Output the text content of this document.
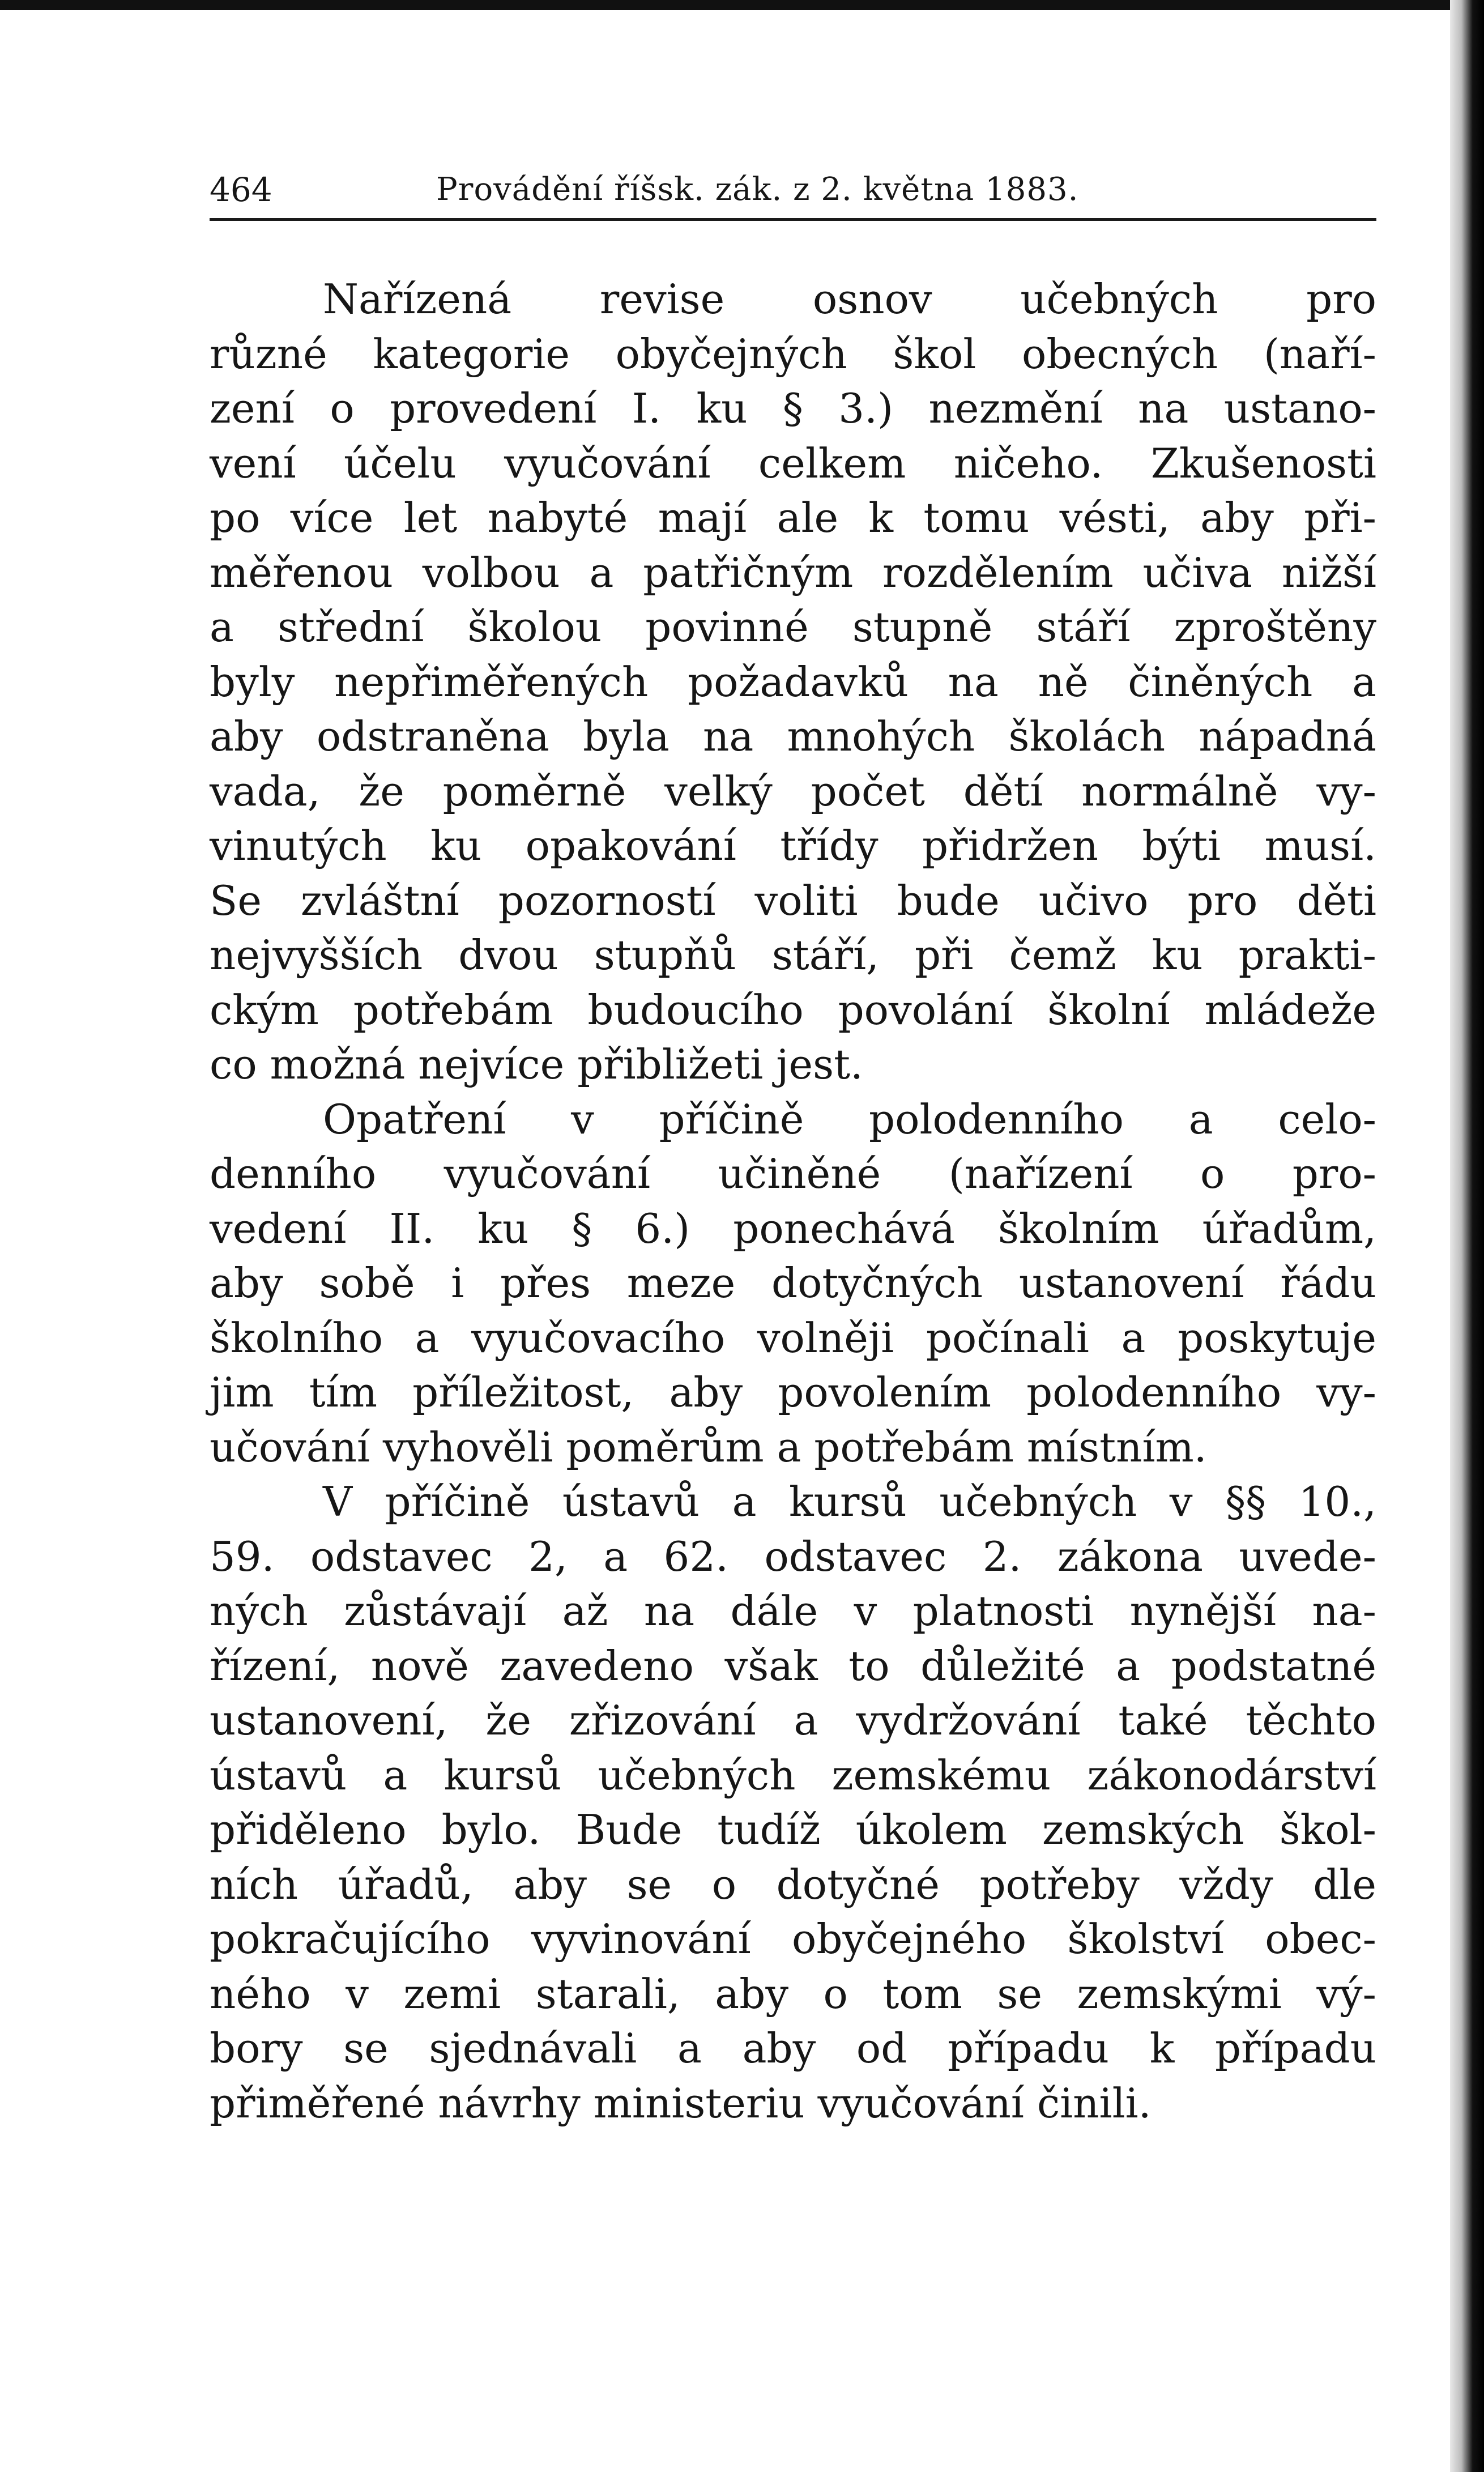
464	Provádění říšsk. zák. z 2. května 1883.
Nařízená revise osnov učebných pro
různé kategorie obyčejných škol obecných (naří-
zení o provedení I. ku § 3.) nezmění na ustano-
vení účelu vyučování celkem ničeho. Zkušenosti
po více let nabyté mají ale k tomu vésti, aby při-
měřenou volbou a patřičným rozdělením učiva nižší
a střední školou povinné stupně stáří zproštěny
byly nepřiměřených požadavků na ně činěných a
aby odstraněna byla na mnohých školách nápadná
vada, že poměrně velký počet dětí normálně vy-
vinutých ku opakování třídy přidržen býti musí.
Se zvláštní pozorností voliti bude učivo pro děti
nejvyšších dvou stupňů stáří, při čemž ku prakti-
ckým potřebám budoucího povolání školní mládeže
co možná nejvíce přibližeti jest.
Opatření v příčině polodenního a celo-
denního vyučování učiněné (nařízení o pro-
vedení II. ku § 6.) ponechává školním úřadům,
aby sobě i přes meze dotyčných ustanovení řádu
školního a vyučovacího volněji počínali a poskytuje
jim tím příležitost, aby povolením polodenního vy-
učování vyhověli poměrům a potřebám místním.
V příčině ústavů a kursů učebných v §§ 10.,
59. odstavec 2, a 62. odstavec 2. zákona uvede-
ných zůstávají až na dále v platnosti nynější na-
řízení, nově zavedeno však to důležité a podstatné
ustanovení, že zřizování a vydržování také těchto
ústavů a kursů učebných zemskému zákonodárství
přiděleno bylo. Bude tudíž úkolem zemských škol-
ních úřadů, aby se o dotyčné potřeby vždy dle
pokračujícího vyvinování obyčejného školství obec-
ného v zemi starali, aby o tom se zemskými vý-
bory se sjednávali a aby od případu k případu
přiměřené návrhy ministeriu vyučování činili.
